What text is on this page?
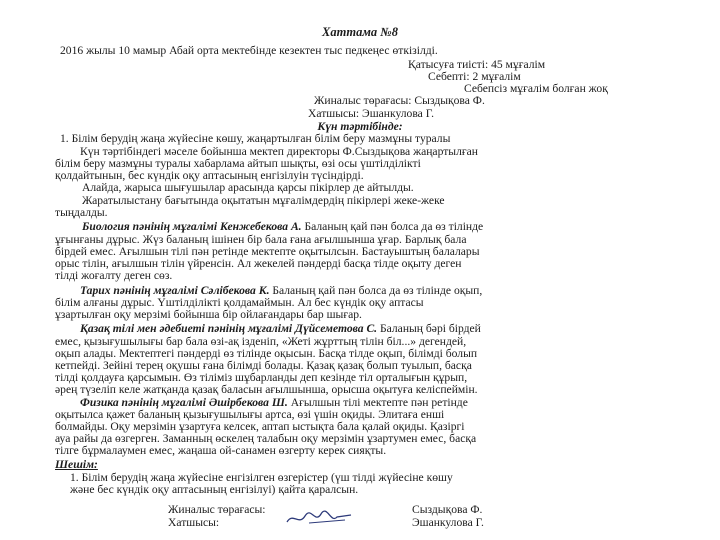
Хаттама №8
2016 жылы 10 мамыр Абай орта мектебінде кезектен тыс педкеңес өткізілді.
Қатысуға тиісті: 45 мұғалім
Себепті: 2 мұғалім
Себепсіз мұғалім болған жоқ
Жиналыс төрағасы: Сыздықова Ф.
Хатшысы: Эшанкулова Г.
Күн тәртібінде:
1. Білім берудің жаңа жүйесіне көшу, жаңартылған білім беру мазмұны туралы
Күн тәртібіндегі мәселе бойынша мектеп директоры Ф.Сыздықова жаңартылған
білім беру мазмұны туралы хабарлама айтып шықты, өзі осы үштілділікті
қолдайтынын, бес күндік оқу аптасының енгізілуін түсіндірді.
Алайда, жарыса шығушылар арасында қарсы пікірлер де айтылды.
Жаратылыстану бағытында оқытатын мұғалімдердің пікірлері жеке-жеке
тыңдалды.
Биология пәнінің мұғалімі Кенжебекова А. Баланың қай пән болса да өз тілінде
ұғынғаны дұрыс. Жүз баланың ішінен бір бала ғана ағылшынша ұғар. Барлық бала
бірдей емес. Ағылшын тілі пән ретінде мектепте оқытылсын. Бастауыштың балалары
орыс тілін, ағылшын тілін үйренсін. Ал жекелей пәндерді басқа тілде оқыту деген
тілді жоғалту деген сөз.
Тарих пәнінің мұғалімі Сәлібекова К. Баланың қай пән болса да өз тілінде оқып,
білім алғаны дұрыс. Үштілділікті қолдамаймын. Ал бес күндік оқу аптасы
ұзартылған оқу мерзімі бойынша бір ойлағандары бар шығар.
Қазақ тілі мен әдебиеті пәнінің мұғалімі Дүйсеметова С. Баланың бәрі бірдей
емес, қызығушылығы бар бала өзі-ақ ізденіп, «Жеті жұрттың тілін біл...» дегендей,
оқып алады. Мектептегі пәндерді өз тілінде оқысын. Басқа тілде оқып, білімді болып
кетпейді. Зейіні терең оқушы ғана білімді болады. Қазақ қазақ болып туылып, басқа
тілді қолдауға қарсымын. Өз тіліміз шұбарланды деп кезінде тіл орталығын құрып,
әрең түзеліп келе жатқанда қазақ баласын ағылшынша, орысша оқытуға келіспеймін.
Физика пәнінің мұғалімі Әшірбекова Ш. Ағылшын тілі мектепте пән ретінде
оқытылса қажет баланың қызығушылығы артса, өзі үшін оқиды. Элитаға енші
болмайды. Оқу мерзімін ұзартуға келсек, аптап ыстықта бала қалай оқиды. Қазіргі
ауа райы да өзгерген. Заманның өскелең талабын оқу мерзімін ұзартумен емес, басқа
тілге бұрмалаумен емес, жаңаша ой-санамен өзгерту керек сияқты.
Шешім:
1. Білім берудің жаңа жүйесіне енгізілген өзгерістер (үш тілді жүйесіне көшу
және бес күндік оқу аптасының енгізілуі) қайта қаралсын.
Жиналыс төрағасы:	Сыздықова Ф.
Хатшысы:	Эшанкулова Г.
